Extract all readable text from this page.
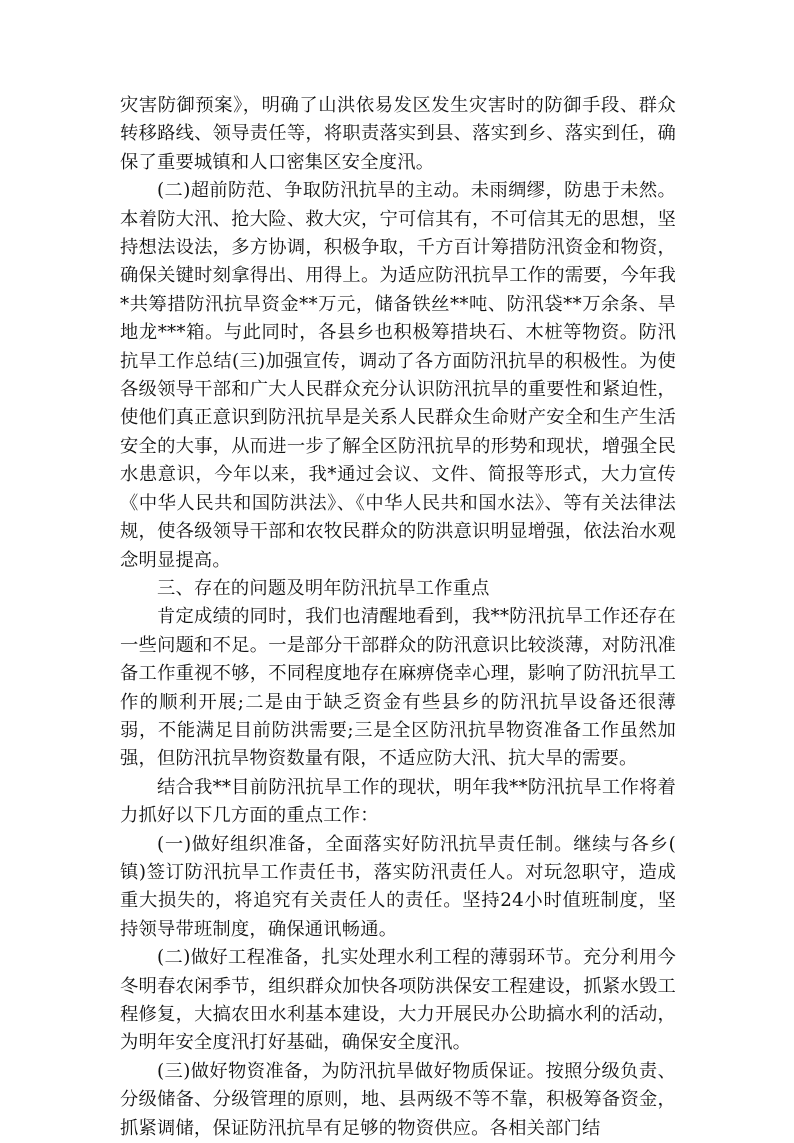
灾害防御预案》，明确了山洪依易发区发生灾害时的防御手段、群众转移路线、领导责任等，将职责落实到县、落实到乡、落实到任，确保了重要城镇和人口密集区安全度汛。

(二)超前防范、争取防汛抗旱的主动。未雨绸缪，防患于未然。本着防大汛、抢大险、救大灾，宁可信其有，不可信其无的思想，坚持想法设法，多方协调，积极争取，千方百计筹措防汛资金和物资，确保关键时刻拿得出、用得上。为适应防汛抗旱工作的需要，今年我*共筹措防汛抗旱资金**万元，储备铁丝**吨、防汛袋**万余条、旱地龙***箱。与此同时，各县乡也积极筹措块石、木桩等物资。防汛抗旱工作总结(三)加强宣传，调动了各方面防汛抗旱的积极性。为使各级领导干部和广大人民群众充分认识防汛抗旱的重要性和紧迫性，使他们真正意识到防汛抗旱是关系人民群众生命财产安全和生产生活安全的大事，从而进一步了解全区防汛抗旱的形势和现状，增强全民水患意识，今年以来，我*通过会议、文件、简报等形式，大力宣传《中华人民共和国防洪法》、《中华人民共和国水法》、等有关法律法规，使各级领导干部和农牧民群众的防洪意识明显增强，依法治水观念明显提高。

三、存在的问题及明年防汛抗旱工作重点

肯定成绩的同时，我们也清醒地看到，我**防汛抗旱工作还存在一些问题和不足。一是部分干部群众的防汛意识比较淡薄，对防汛准备工作重视不够，不同程度地存在麻痹侥幸心理，影响了防汛抗旱工作的顺利开展;二是由于缺乏资金有些县乡的防汛抗旱设备还很薄弱，不能满足目前防洪需要;三是全区防汛抗旱物资准备工作虽然加强，但防汛抗旱物资数量有限，不适应防大汛、抗大旱的需要。

结合我**目前防汛抗旱工作的现状，明年我**防汛抗旱工作将着力抓好以下几方面的重点工作：

(一)做好组织准备，全面落实好防汛抗旱责任制。继续与各乡( 镇)签订防汛抗旱工作责任书，落实防汛责任人。对玩忽职守，造成重大损失的，将追究有关责任人的责任。坚持24小时值班制度，坚持领导带班制度，确保通讯畅通。

(二)做好工程准备，扎实处理水利工程的薄弱环节。充分利用今冬明春农闲季节，组织群众加快各项防洪保安工程建设，抓紧水毁工程修复，大搞农田水利基本建设，大力开展民办公助搞水利的活动，为明年安全度汛打好基础，确保安全度汛。

(三)做好物资准备，为防汛抗旱做好物质保证。按照分级负责、分级储备、分级管理的原则，地、县两级不等不靠，积极筹备资金，抓紧调储，保证防汛抗旱有足够的物资供应。各相关部门结
